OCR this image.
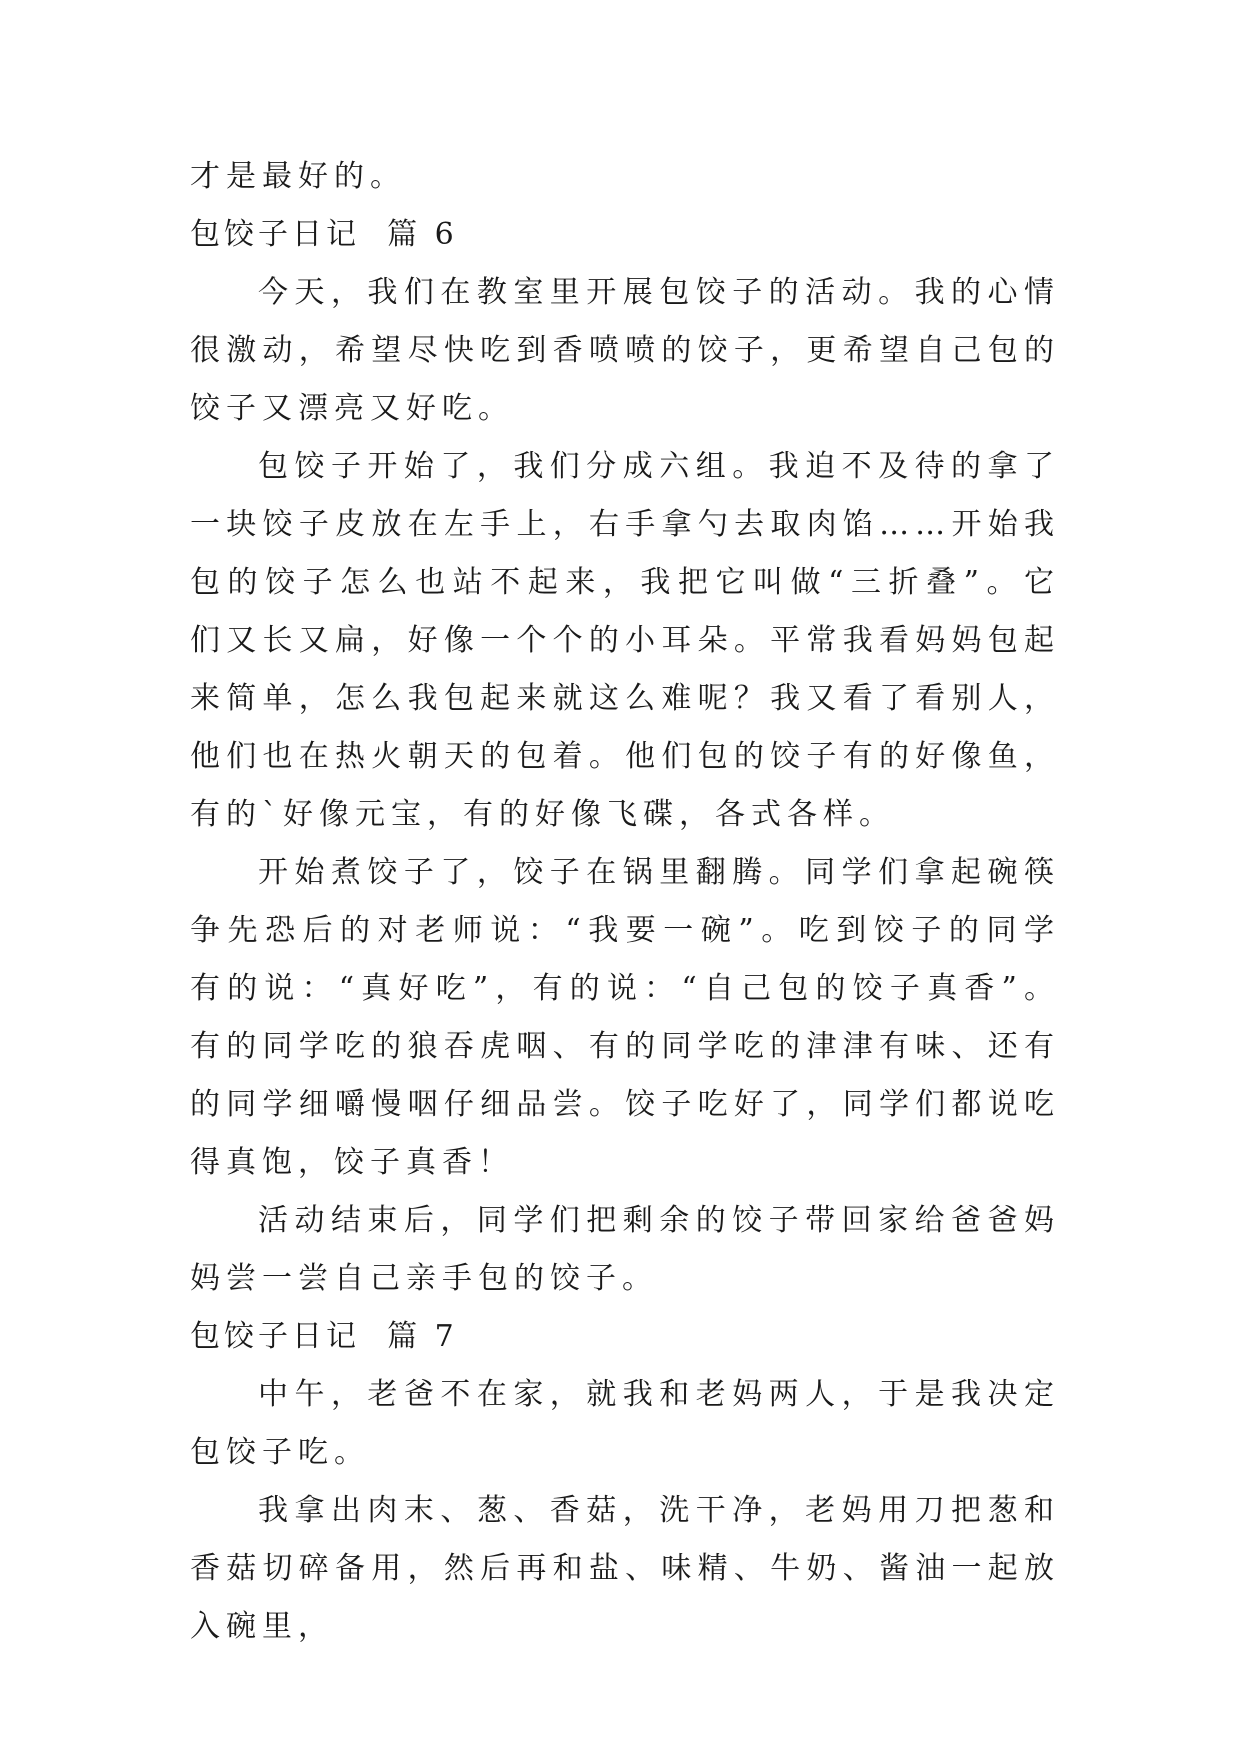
才是最好的。

包饺子日记  篇 6

今天，我们在教室里开展包饺子的活动。我的心情很激动，希望尽快吃到香喷喷的饺子，更希望自己包的饺子又漂亮又好吃。

包饺子开始了，我们分成六组。我迫不及待的拿了一块饺子皮放在左手上，右手拿勺去取肉馅……开始我包的饺子怎么也站不起来，我把它叫做“三折叠”。它们又长又扁，好像一个个的小耳朵。平常我看妈妈包起来简单，怎么我包起来就这么难呢？我又看了看别人，他们也在热火朝天的包着。他们包的饺子有的好像鱼，有的`好像元宝，有的好像飞碟，各式各样。

开始煮饺子了，饺子在锅里翻腾。同学们拿起碗筷争先恐后的对老师说：“我要一碗”。吃到饺子的同学有的说：“真好吃”，有的说：“自己包的饺子真香”。有的同学吃的狼吞虎咽、有的同学吃的津津有味、还有的同学细嚼慢咽仔细品尝。饺子吃好了，同学们都说吃得真饱，饺子真香！

活动结束后，同学们把剩余的饺子带回家给爸爸妈妈尝一尝自己亲手包的饺子。

包饺子日记  篇 7

中午，老爸不在家，就我和老妈两人，于是我决定包饺子吃。

我拿出肉末、葱、香菇，洗干净，老妈用刀把葱和香菇切碎备用，然后再和盐、味精、牛奶、酱油一起放入碗里，
